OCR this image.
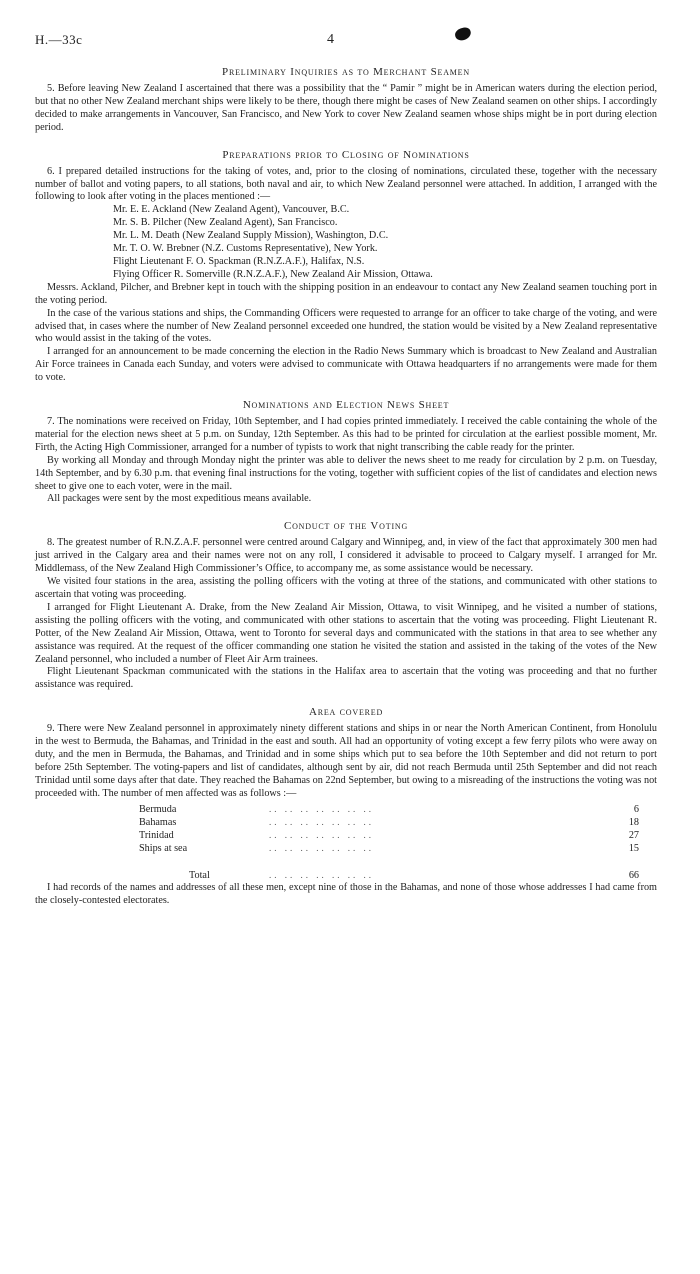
H.—33c	4
Preliminary Inquiries as to Merchant Seamen

5. Before leaving New Zealand I ascertained that there was a possibility that the “ Pamir ” might be in American waters during the election period, but that no other New Zealand merchant ships were likely to be there, though there might be cases of New Zealand seamen on other ships. I accordingly decided to make arrangements in Vancouver, San Francisco, and New York to cover New Zealand seamen whose ships might be in port during election period.

Preparations prior to Closing of Nominations

6. I prepared detailed instructions for the taking of votes, and, prior to the closing of nominations, circulated these, together with the necessary number of ballot and voting papers, to all stations, both naval and air, to which New Zealand personnel were attached. In addition, I arranged with the following to look after voting in the places mentioned :—

Mr. E. E. Ackland (New Zealand Agent), Vancouver, B.C.
Mr. S. B. Pilcher (New Zealand Agent), San Francisco.
Mr. L. M. Death (New Zealand Supply Mission), Washington, D.C.
Mr. T. O. W. Brebner (N.Z. Customs Representative), New York.
Flight Lieutenant F. O. Spackman (R.N.Z.A.F.), Halifax, N.S.
Flying Officer R. Somerville (R.N.Z.A.F.), New Zealand Air Mission, Ottawa.

Messrs. Ackland, Pilcher, and Brebner kept in touch with the shipping position in an endeavour to contact any New Zealand seamen touching port in the voting period.

In the case of the various stations and ships, the Commanding Officers were requested to arrange for an officer to take charge of the voting, and were advised that, in cases where the number of New Zealand personnel exceeded one hundred, the station would be visited by a New Zealand representative who would assist in the taking of the votes.

I arranged for an announcement to be made concerning the election in the Radio News Summary which is broadcast to New Zealand and Australian Air Force trainees in Canada each Sunday, and voters were advised to communicate with Ottawa headquarters if no arrangements were made for them to vote.

Nominations and Election News Sheet

7. The nominations were received on Friday, 10th September, and I had copies printed immediately. I received the cable containing the whole of the material for the election news sheet at 5 p.m. on Sunday, 12th September. As this had to be printed for circulation at the earliest possible moment, Mr. Firth, the Acting High Commissioner, arranged for a number of typists to work that night transcribing the cable ready for the printer.

By working all Monday and through Monday night the printer was able to deliver the news sheet to me ready for circulation by 2 p.m. on Tuesday, 14th September, and by 6.30 p.m. that evening final instructions for the voting, together with sufficient copies of the list of candidates and election news sheet to give one to each voter, were in the mail.

All packages were sent by the most expeditious means available.

Conduct of the Voting

8. The greatest number of R.N.Z.A.F. personnel were centred around Calgary and Winnipeg, and, in view of the fact that approximately 300 men had just arrived in the Calgary area and their names were not on any roll, I considered it advisable to proceed to Calgary myself. I arranged for Mr. Middlemass, of the New Zealand High Commissioner’s Office, to accompany me, as some assistance would be necessary.

We visited four stations in the area, assisting the polling officers with the voting at three of the stations, and communicated with other stations to ascertain that voting was proceeding.

I arranged for Flight Lieutenant A. Drake, from the New Zealand Air Mission, Ottawa, to visit Winnipeg, and he visited a number of stations, assisting the polling officers with the voting, and communicated with other stations to ascertain that the voting was proceeding. Flight Lieutenant R. Potter, of the New Zealand Air Mission, Ottawa, went to Toronto for several days and communicated with the stations in that area to see whether any assistance was required. At the request of the officer commanding one station he visited the station and assisted in the taking of the votes of the New Zealand personnel, who included a number of Fleet Air Arm trainees.

Flight Lieutenant Spackman communicated with the stations in the Halifax area to ascertain that the voting was proceeding and that no further assistance was required.

Area covered

9. There were New Zealand personnel in approximately ninety different stations and ships in or near the North American Continent, from Honolulu in the west to Bermuda, the Bahamas, and Trinidad in the east and south. All had an opportunity of voting except a few ferry pilots who were away on duty, and the men in Bermuda, the Bahamas, and Trinidad and in some ships which put to sea before the 10th September and did not return to port before 25th September. The voting-papers and list of candidates, although sent by air, did not reach Bermuda until 25th September and did not reach Trinidad until some days after that date. They reached the Bahamas on 22nd September, but owing to a misreading of the instructions the voting was not proceeded with. The number of men affected was as follows :—

Bermuda	.. .. .. .. .. .. ..	6
Bahamas	.. .. .. .. .. .. ..	18
Trinidad	.. .. .. .. .. .. ..	27
Ships at sea	.. .. .. .. .. .. ..	15
Total	.. .. .. .. .. .. ..	66

I had records of the names and addresses of all these men, except nine of those in the Bahamas, and none of those whose addresses I had came from the closely-contested electorates.
